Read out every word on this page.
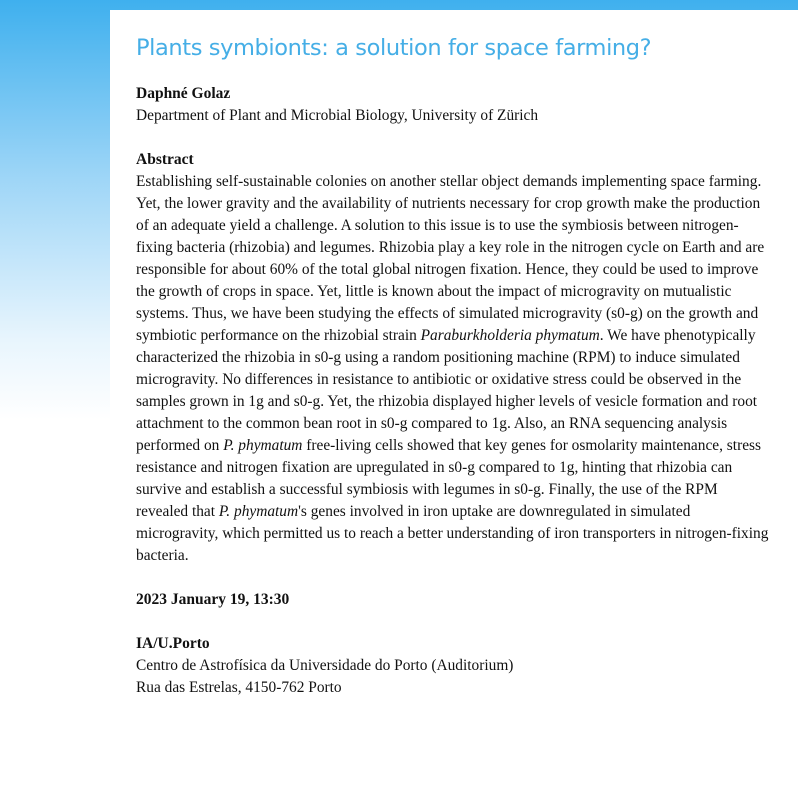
Plants symbionts: a solution for space farming?
Daphné Golaz
Department of Plant and Microbial Biology, University of Zürich
Abstract
Establishing self-sustainable colonies on another stellar object demands implementing space farming. Yet, the lower gravity and the availability of nutrients necessary for crop growth make the production of an adequate yield a challenge. A solution to this issue is to use the symbiosis between nitrogen-fixing bacteria (rhizobia) and legumes. Rhizobia play a key role in the nitrogen cycle on Earth and are responsible for about 60% of the total global nitrogen fixation. Hence, they could be used to improve the growth of crops in space. Yet, little is known about the impact of microgravity on mutualistic systems. Thus, we have been studying the effects of simulated microgravity (s0-g) on the growth and symbiotic performance on the rhizobial strain Paraburkholderia phymatum. We have phenotypically characterized the rhizobia in s0-g using a random positioning machine (RPM) to induce simulated microgravity. No differences in resistance to antibiotic or oxidative stress could be observed in the samples grown in 1g and s0-g. Yet, the rhizobia displayed higher levels of vesicle formation and root attachment to the common bean root in s0-g compared to 1g. Also, an RNA sequencing analysis performed on P. phymatum free-living cells showed that key genes for osmolarity maintenance, stress resistance and nitrogen fixation are upregulated in s0-g compared to 1g, hinting that rhizobia can survive and establish a successful symbiosis with legumes in s0-g. Finally, the use of the RPM revealed that P. phymatum's genes involved in iron uptake are downregulated in simulated microgravity, which permitted us to reach a better understanding of iron transporters in nitrogen-fixing bacteria.
2023 January 19, 13:30
IA/U.Porto
Centro de Astrofísica da Universidade do Porto (Auditorium)
Rua das Estrelas, 4150-762 Porto
